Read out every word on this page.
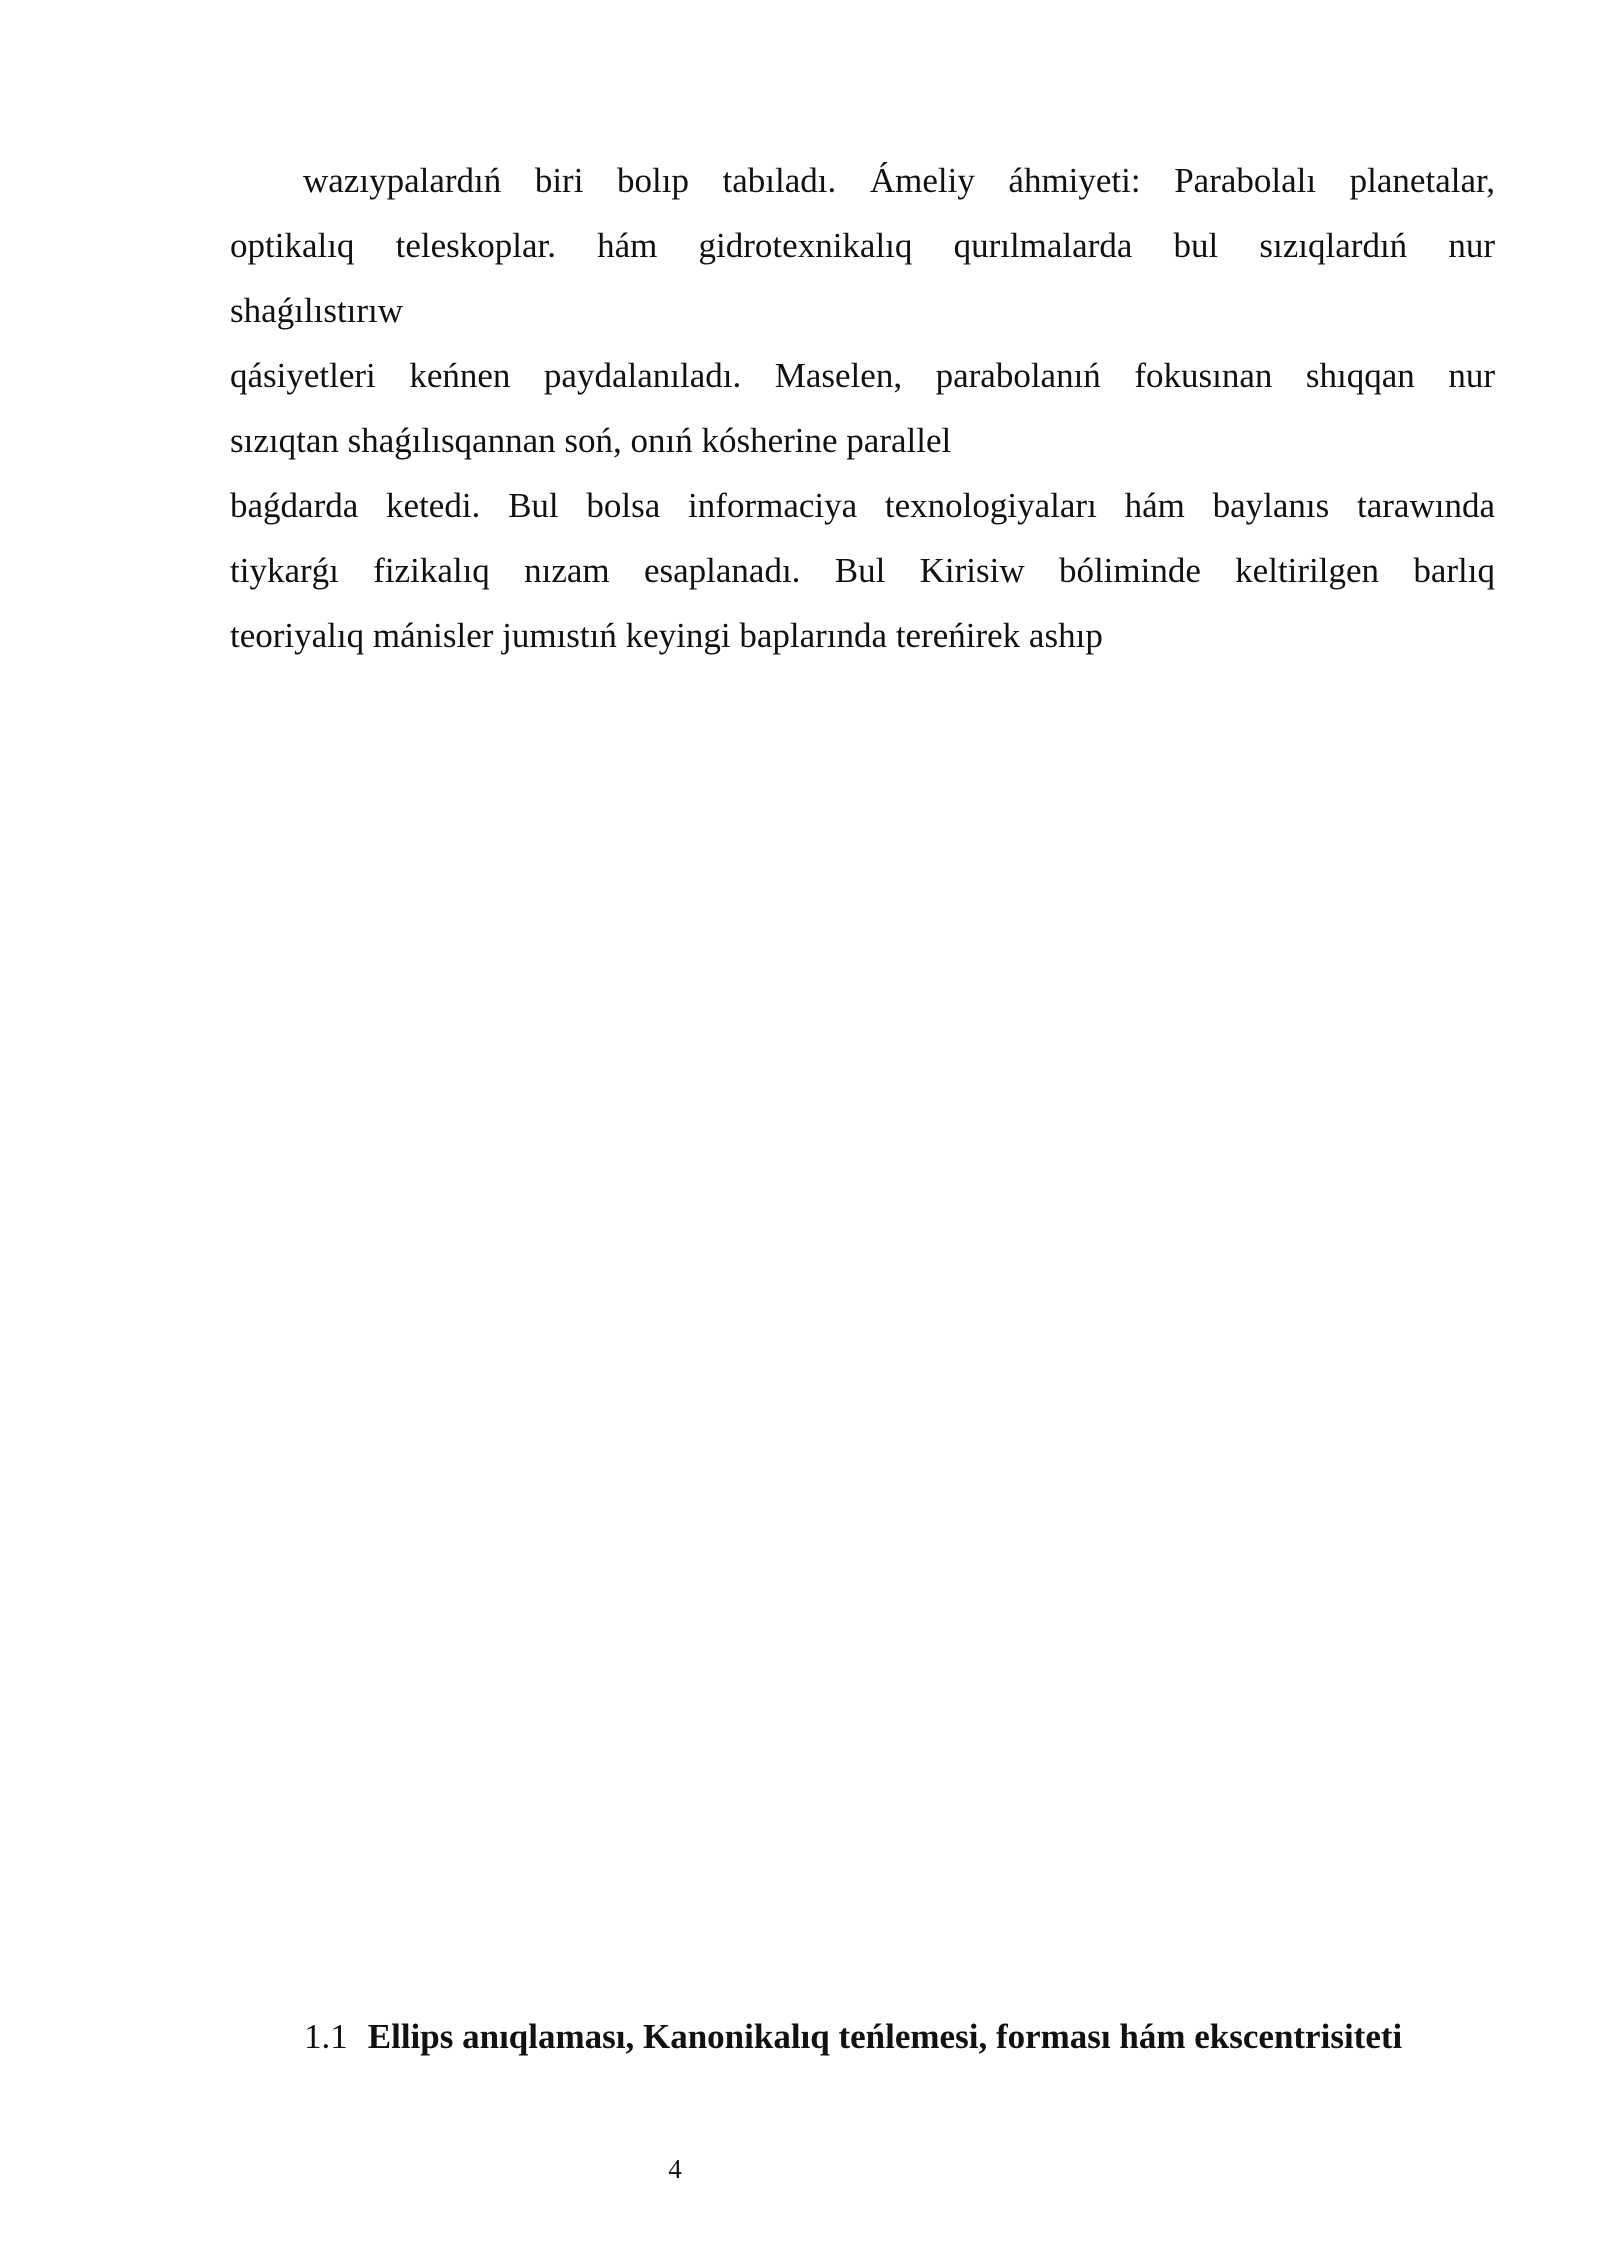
wazıypalardıń biri bolıp tabıladı. Ámeliy áhmiyeti: Parabolalı planetalar,
optikalıq teleskoplar. hám gidrotexnikalıq qurılmalarda bul sızıqlardıń nur
shaǵılıstırıw
qásiyetleri keńnen paydalanıladı. Maselen, parabolanıń fokusınan shıqqan nur
sızıqtan shaǵılısqannan soń, onıń kósherine parallel
baǵdarda ketedi. Bul bolsa informaciya texnologiyaları hám baylanıs tarawında
tiykarǵı fizikalıq nızam esaplanadı. Bul Kirisiw bóliminde keltirilgen barlıq
teoriyalıq mánisler jumıstıń keyingi baplarında tereńirek ashıp
1.1 Ellips anıqlaması, Kanonikalıq teńlemesi, forması hám ekscentrisiteti
4
